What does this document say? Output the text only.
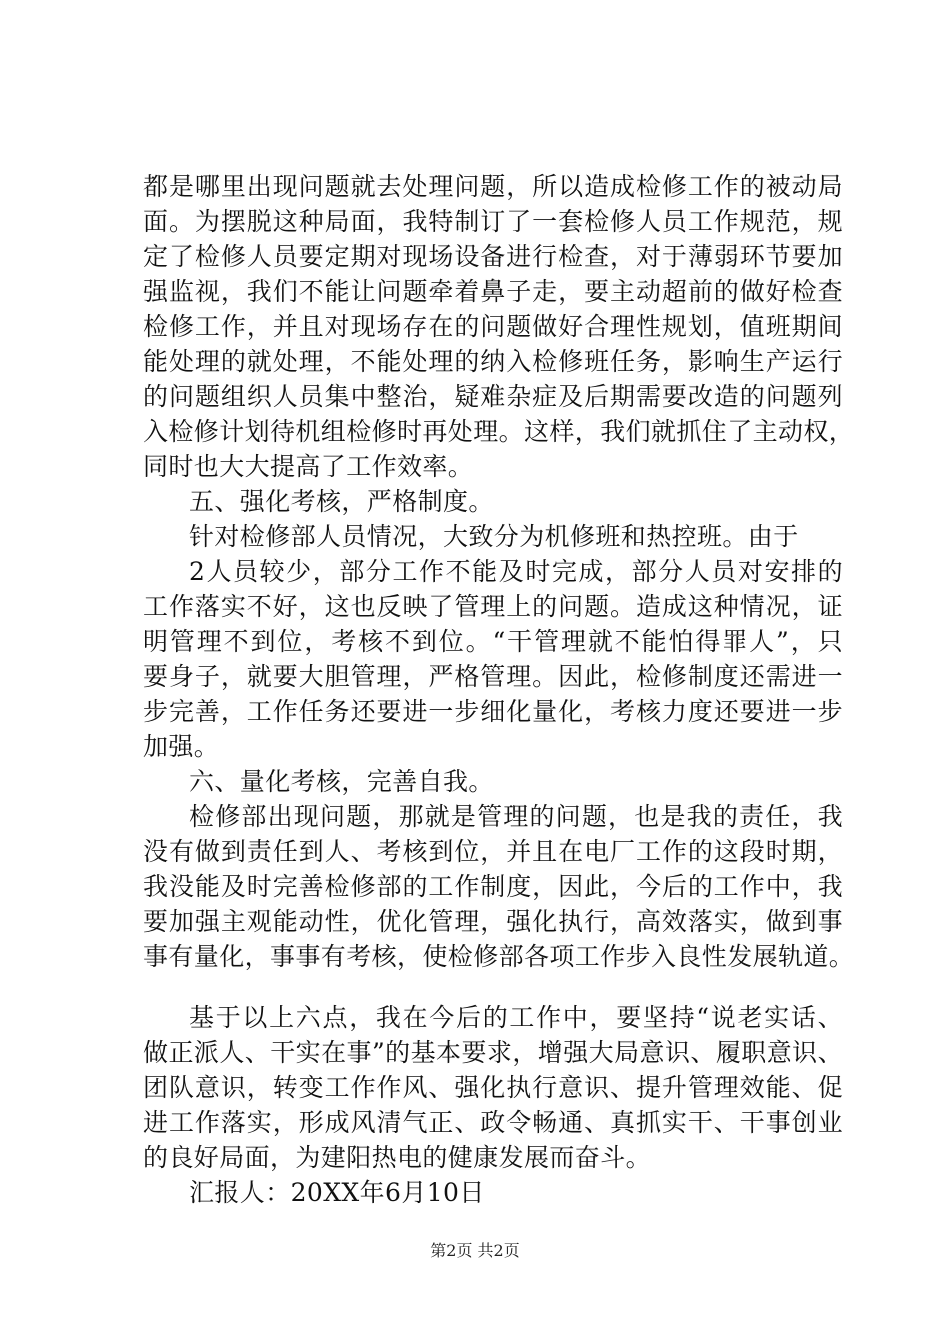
都是哪里出现问题就去处理问题，所以造成检修工作的被动局
面。为摆脱这种局面，我特制订了一套检修人员工作规范，规
定了检修人员要定期对现场设备进行检查，对于薄弱环节要加
强监视，我们不能让问题牵着鼻子走，要主动超前的做好检查
检修工作，并且对现场存在的问题做好合理性规划，值班期间
能处理的就处理，不能处理的纳入检修班任务，影响生产运行
的问题组织人员集中整治，疑难杂症及后期需要改造的问题列
入检修计划待机组检修时再处理。这样，我们就抓住了主动权，
同时也大大提高了工作效率。
五、强化考核，严格制度。
针对检修部人员情况，大致分为机修班和热控班。由于
2人员较少，部分工作不能及时完成，部分人员对安排的
工作落实不好，这也反映了管理上的问题。造成这种情况，证
明管理不到位，考核不到位。“干管理就不能怕得罪人”，只
要身子，就要大胆管理，严格管理。因此，检修制度还需进一
步完善，工作任务还要进一步细化量化，考核力度还要进一步
加强。
六、量化考核，完善自我。
检修部出现问题，那就是管理的问题，也是我的责任，我
没有做到责任到人、考核到位，并且在电厂工作的这段时期，
我没能及时完善检修部的工作制度，因此，今后的工作中，我
要加强主观能动性，优化管理，强化执行，高效落实，做到事
事有量化，事事有考核，使检修部各项工作步入良性发展轨道。
基于以上六点，我在今后的工作中，要坚持“说老实话、
做正派人、干实在事”的基本要求，增强大局意识、履职意识、
团队意识，转变工作作风、强化执行意识、提升管理效能、促
进工作落实，形成风清气正、政令畅通、真抓实干、干事创业
的良好局面，为建阳热电的健康发展而奋斗。
汇报人：20XX年6月10日
第2页 共2页
